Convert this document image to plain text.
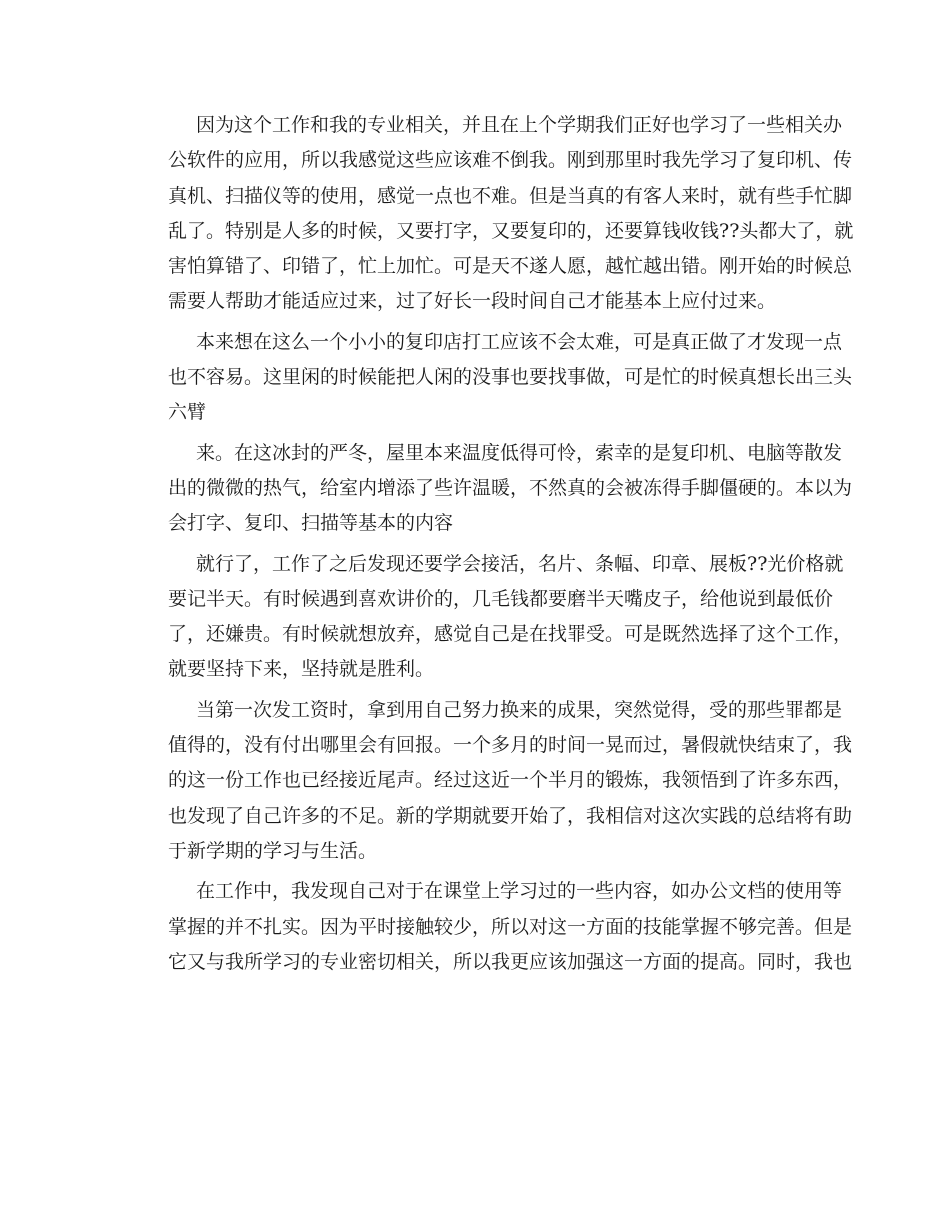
因为这个工作和我的专业相关，并且在上个学期我们正好也学习了一些相关办
公软件的应用，所以我感觉这些应该难不倒我。刚到那里时我先学习了复印机、传
真机、扫描仪等的使用，感觉一点也不难。但是当真的有客人来时，就有些手忙脚
乱了。特别是人多的时候，又要打字，又要复印的，还要算钱收钱??头都大了，就
害怕算错了、印错了，忙上加忙。可是天不遂人愿，越忙越出错。刚开始的时候总
需要人帮助才能适应过来，过了好长一段时间自己才能基本上应付过来。
本来想在这么一个小小的复印店打工应该不会太难，可是真正做了才发现一点
也不容易。这里闲的时候能把人闲的没事也要找事做，可是忙的时候真想长出三头
六臂
来。在这冰封的严冬，屋里本来温度低得可怜，索幸的是复印机、电脑等散发
出的微微的热气，给室内增添了些许温暖，不然真的会被冻得手脚僵硬的。本以为
会打字、复印、扫描等基本的内容
就行了，工作了之后发现还要学会接活，名片、条幅、印章、展板??光价格就
要记半天。有时候遇到喜欢讲价的，几毛钱都要磨半天嘴皮子，给他说到最低价
了，还嫌贵。有时候就想放弃，感觉自己是在找罪受。可是既然选择了这个工作，
就要坚持下来，坚持就是胜利。
当第一次发工资时，拿到用自己努力换来的成果，突然觉得，受的那些罪都是
值得的，没有付出哪里会有回报。一个多月的时间一晃而过，暑假就快结束了，我
的这一份工作也已经接近尾声。经过这近一个半月的锻炼，我领悟到了许多东西，
也发现了自己许多的不足。新的学期就要开始了，我相信对这次实践的总结将有助
于新学期的学习与生活。
在工作中，我发现自己对于在课堂上学习过的一些内容，如办公文档的使用等
掌握的并不扎实。因为平时接触较少，所以对这一方面的技能掌握不够完善。但是
它又与我所学习的专业密切相关，所以我更应该加强这一方面的提高。同时，我也
